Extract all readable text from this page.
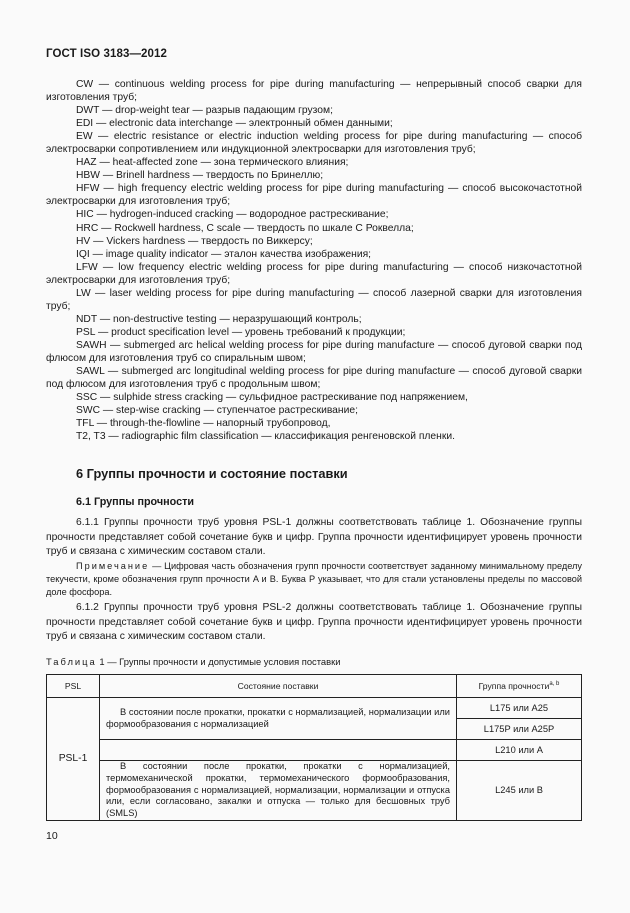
ГОСТ ISO 3183—2012

CW — continuous welding process for pipe during manufacturing — непрерывный способ сварки для изготовления труб;

DWT — drop-weight tear — разрыв падающим грузом;

EDI — electronic data interchange — электронный обмен данными;

EW — electric resistance or electric induction welding process for pipe during manufacturing — способ электросварки сопротивлением или индукционной электросварки для изготовления труб;

HAZ — heat-affected zone — зона термического влияния;

HBW — Brinell hardness — твердость по Бринеллю;

HFW — high frequency electric welding process for pipe during manufacturing — способ высокочастотной электросварки для изготовления труб;

HIC — hydrogen-induced cracking — водородное растрескивание;

HRC — Rockwell hardness, C scale — твердость по шкале С Роквелла;

HV — Vickers hardness — твердость по Виккерсу;

IQI — image quality indicator — эталон качества изображения;

LFW — low frequency electric welding process for pipe during manufacturing — способ низкочастотной электросварки для изготовления труб;

LW — laser welding process for pipe during manufacturing — способ лазерной сварки для изготовления труб;

NDT — non-destructive testing — неразрушающий контроль;

PSL — product specification level — уровень требований к продукции;

SAWH — submerged arc helical welding process for pipe during manufacture — способ дуговой сварки под флюсом для изготовления труб со спиральным швом;

SAWL — submerged arc longitudinal welding process for pipe during manufacture — способ дуговой сварки под флюсом для изготовления труб с продольным швом;

SSC — sulphide stress cracking — сульфидное растрескивание под напряжением,

SWC — step-wise cracking — ступенчатое растрескивание;

TFL — through-the-flowline — напорный трубопровод,

T2, T3 — radiographic film classification — классификация ренгеновской пленки.

6 Группы прочности и состояние поставки
6.1 Группы прочности

6.1.1 Группы прочности труб уровня PSL-1 должны соответствовать таблице 1. Обозначение группы прочности представляет собой сочетание букв и цифр. Группа прочности идентифицирует уровень прочности труб и связана с химическим составом стали.

Примечание — Цифровая часть обозначения групп прочности соответствует заданному минимальному пределу текучести, кроме обозначения групп прочности A и B. Буква P указывает, что для стали установлены пределы по массовой доле фосфора.

6.1.2 Группы прочности труб уровня PSL-2 должны соответствовать таблице 1. Обозначение группы прочности представляет собой сочетание букв и цифр. Группа прочности идентифицирует уровень прочности труб и связана с химическим составом стали.

Таблица 1 — Группы прочности и допустимые условия поставки
PSL	Состояние поставки	Группа прочности$^{а, b}$
PSL-1	В состоянии после прокатки, прокатки с нормализацией, нормализации или формообразования с нормализацией	L175 или A25
		L175P или A25P
		L210 или A

	В состоянии после прокатки, прокатки с нормализацией, термомеханической прокатки, термомеханического формообразования, формообразования с нормализацией, нормализации, нормализации и отпуска или, если согласовано, закалки и отпуска — только для бесшовных труб (SMLS)	L245 или B
10
